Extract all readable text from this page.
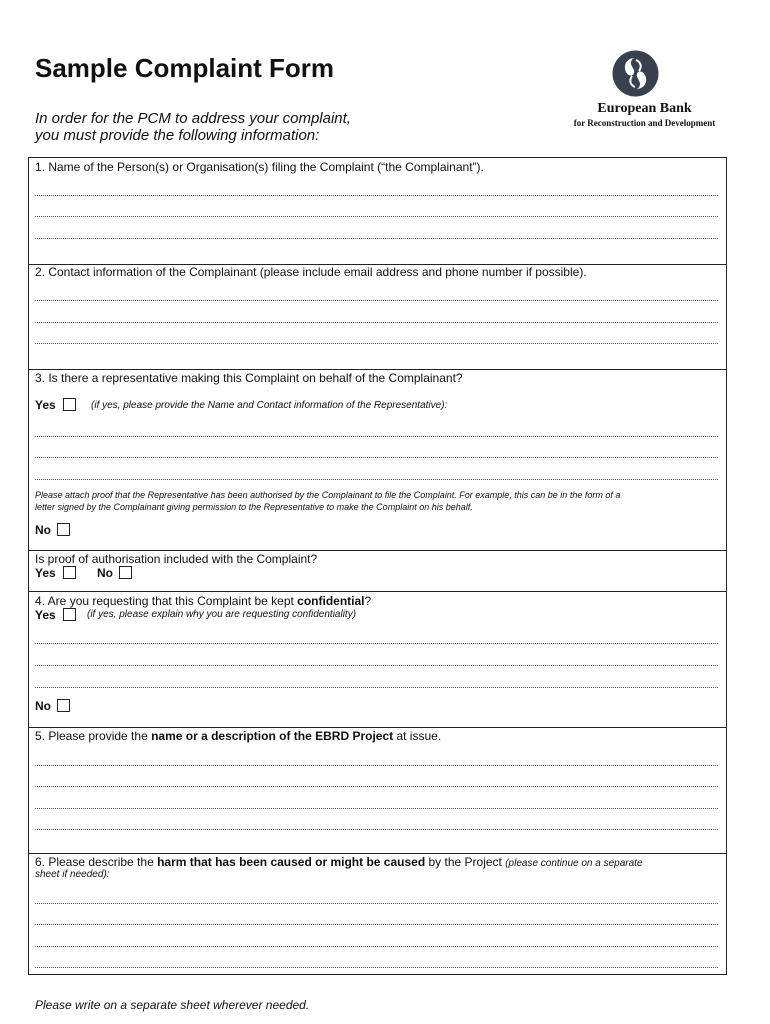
Sample Complaint Form
In order for the PCM to address your complaint,
you must provide the following information:
European Bank
for Reconstruction and Development
1. Name of the Person(s) or Organisation(s) filing the Complaint (“the Complainant”).
2. Contact information of the Complainant (please include email address and phone number if possible).
3. Is there a representative making this Complaint on behalf of the Complainant?
Yes	(if yes, please provide the Name and Contact information of the Representative):
Please attach proof that the Representative has been authorised by the Complainant to file the Complaint. For example, this can be in the form of a
letter signed by the Complainant giving permission to the Representative to make the Complaint on his behalf.
No
Is proof of authorisation included with the Complaint?
Yes	No
4. Are you requesting that this Complaint be kept confidential?
Yes	(if yes, please explain why you are requesting confidentiality)
No
5. Please provide the name or a description of the EBRD Project at issue.
6. Please describe the harm that has been caused or might be caused by the Project (please continue on a separate
sheet if needed):
Please write on a separate sheet wherever needed.
